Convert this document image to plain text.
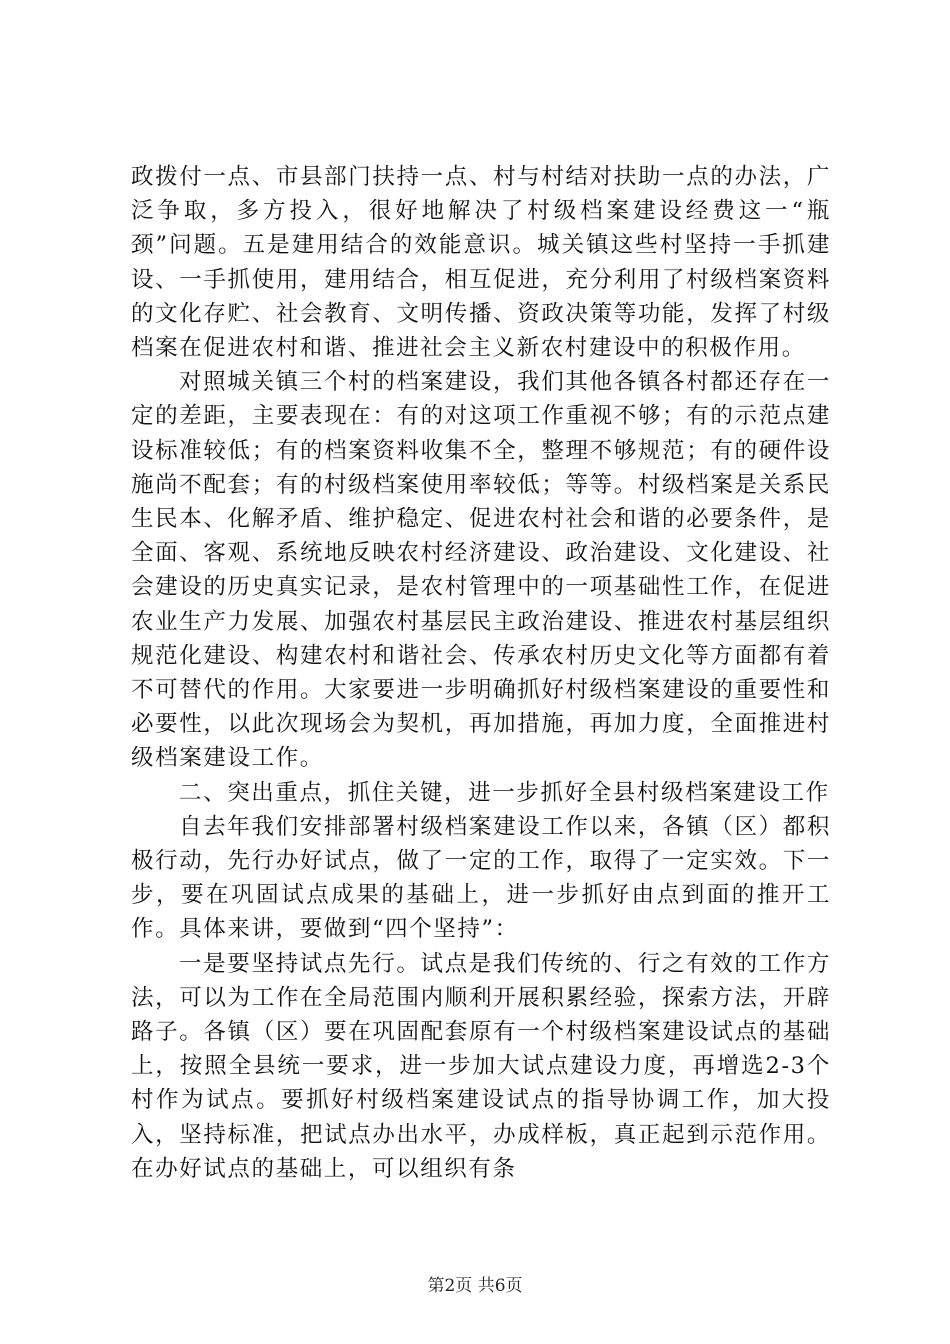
政拨付一点、市县部门扶持一点、村与村结对扶助一点的办法，广泛争取，多方投入，很好地解决了村级档案建设经费这一“瓶颈”问题。五是建用结合的效能意识。城关镇这些村坚持一手抓建设、一手抓使用，建用结合，相互促进，充分利用了村级档案资料的文化存贮、社会教育、文明传播、资政决策等功能，发挥了村级档案在促进农村和谐、推进社会主义新农村建设中的积极作用。

对照城关镇三个村的档案建设，我们其他各镇各村都还存在一定的差距，主要表现在：有的对这项工作重视不够；有的示范点建设标准较低；有的档案资料收集不全，整理不够规范；有的硬件设施尚不配套；有的村级档案使用率较低；等等。村级档案是关系民生民本、化解矛盾、维护稳定、促进农村社会和谐的必要条件，是全面、客观、系统地反映农村经济建设、政治建设、文化建设、社会建设的历史真实记录，是农村管理中的一项基础性工作，在促进农业生产力发展、加强农村基层民主政治建设、推进农村基层组织规范化建设、构建农村和谐社会、传承农村历史文化等方面都有着不可替代的作用。大家要进一步明确抓好村级档案建设的重要性和必要性，以此次现场会为契机，再加措施，再加力度，全面推进村级档案建设工作。

二、突出重点，抓住关键，进一步抓好全县村级档案建设工作

自去年我们安排部署村级档案建设工作以来，各镇（区）都积极行动，先行办好试点，做了一定的工作，取得了一定实效。下一步，要在巩固试点成果的基础上，进一步抓好由点到面的推开工作。具体来讲，要做到“四个坚持”：

一是要坚持试点先行。试点是我们传统的、行之有效的工作方法，可以为工作在全局范围内顺利开展积累经验，探索方法，开辟路子。各镇（区）要在巩固配套原有一个村级档案建设试点的基础上，按照全县统一要求，进一步加大试点建设力度，再增选2-3个村作为试点。要抓好村级档案建设试点的指导协调工作，加大投入，坚持标准，把试点办出水平，办成样板，真正起到示范作用。在办好试点的基础上，可以组织有条

第2页 共6页
